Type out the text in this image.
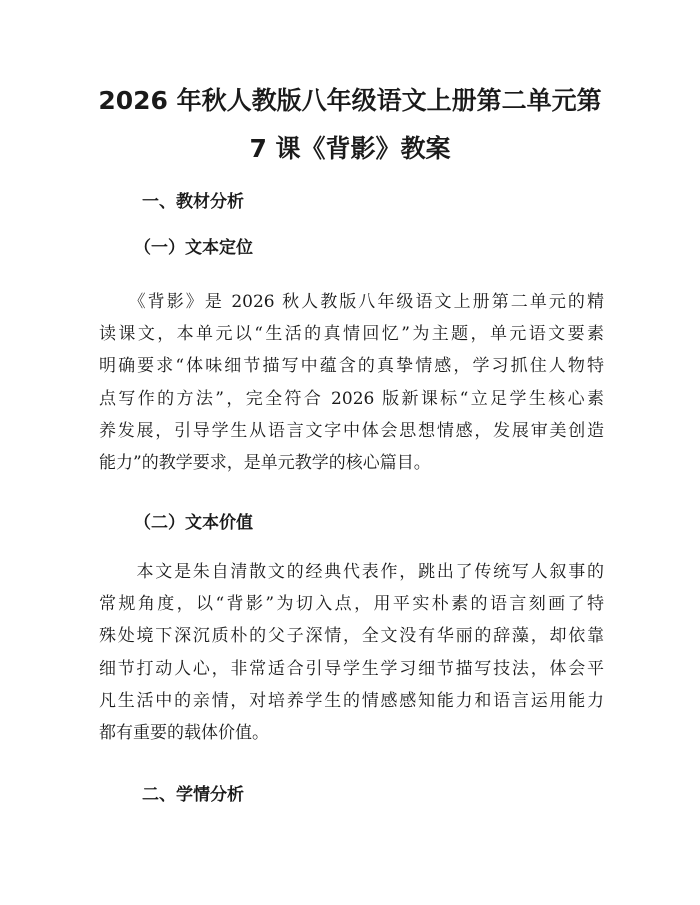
2026 年秋人教版八年级语文上册第二单元第
7 课《背影》教案
一、教材分析
（一）文本定位

　　《背影》是 2026 秋人教版八年级语文上册第二单元的精
读课文，本单元以“生活的真情回忆”为主题，单元语文要素
明确要求“体味细节描写中蕴含的真挚情感，学习抓住人物特
点写作的方法”，完全符合 2026 版新课标“立足学生核心素
养发展，引导学生从语言文字中体会思想情感，发展审美创造
能力”的教学要求，是单元教学的核心篇目。

（二）文本价值

　　本文是朱自清散文的经典代表作，跳出了传统写人叙事的
常规角度，以“背影”为切入点，用平实朴素的语言刻画了特
殊处境下深沉质朴的父子深情，全文没有华丽的辞藻，却依靠
细节打动人心，非常适合引导学生学习细节描写技法，体会平
凡生活中的亲情，对培养学生的情感感知能力和语言运用能力
都有重要的载体价值。

二、学情分析
